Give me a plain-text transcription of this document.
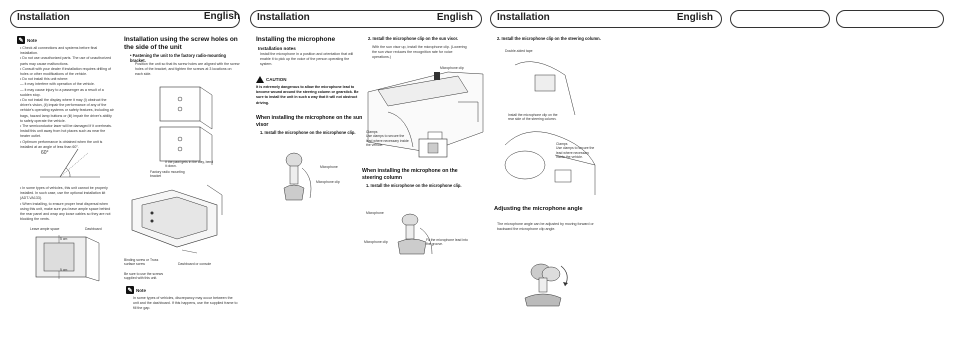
Installation	English Installation	English Installation	English
✎ Note
• Check all connections and systems before final installation.
• Do not use unauthorized parts. The use of unauthorized parts may cause malfunctions.
• Consult with your dealer if installation requires drilling of holes or other modifications of the vehicle.
• Do not install this unit where:
— it may interfere with operation of the vehicle.
— it may cause injury to a passenger as a result of a sudden stop.
• Do not install the display where it may (i) obstruct the driver's vision, (ii) impair the performance of any of the vehicle's operating systems or safety features, including air bags, hazard lamp buttons or (iii) impair the driver's ability to safely operate the vehicle.
• The semiconductor laser will be damaged if it overheats. Install this unit away from hot places such as near the heater outlet.
• Optimum performance is obtained when the unit is installed at an angle of less than 60°.
60°
• In some types of vehicles, this unit cannot be properly installed. In such case, use the optional installation kit (ADT-VA133).
• When installing, to ensure proper heat dispersal when using this unit, make sure you leave ample space behind the rear panel and wrap any loose cables so they are not blocking the vents.
Leave ample space	Dashboard
5 cm
5 cm
Installation using the screw holes on the side of the unit
• Fastening the unit to the factory radio-mounting bracket.
Position the unit so that its screw holes are aligned with the screw holes of the bracket, and tighten the screws at 3 locations on each side.
If the pawl gets in the way, bend it down.
Factory radio mounting bracket
Binding screw or Truss surface screw
Be sure to use the screws supplied with this unit.
Dashboard or console
✎ Note
In some types of vehicles, discrepancy may occur between the unit and the dashboard. If this happens, use the supplied frame to fill the gap.
Installing the microphone
Installation notes
Install the microphone in a position and orientation that will enable it to pick up the voice of the person operating the system.
CAUTION
It is extremely dangerous to allow the microphone lead to become wound around the steering column or gearstick. Be sure to install the unit in such a way that it will not obstruct driving.
When installing the microphone on the sun visor
1. Install the microphone on the microphone clip.
Microphone
Microphone clip
2. Install the microphone clip on the sun visor.
With the sun visor up, install the microphone clip. (Lowering the sun visor reduces the recognition rate for voice operations.)
Microphone clip
Clamps
Use clamps to secure the lead where necessary inside the vehicle.
When installing the microphone on the steering column
1. Install the microphone on the microphone clip.
Microphone
Microphone clip	Fit the microphone lead into the groove.
2. Install the microphone clip on the steering column.
Double-sided tape
Install the microphone clip on the rear side of the steering column.
Clamps
Use clamps to secure the lead where necessary inside the vehicle.
Adjusting the microphone angle
The microphone angle can be adjusted by moving forward or backward the microphone clip angle.
